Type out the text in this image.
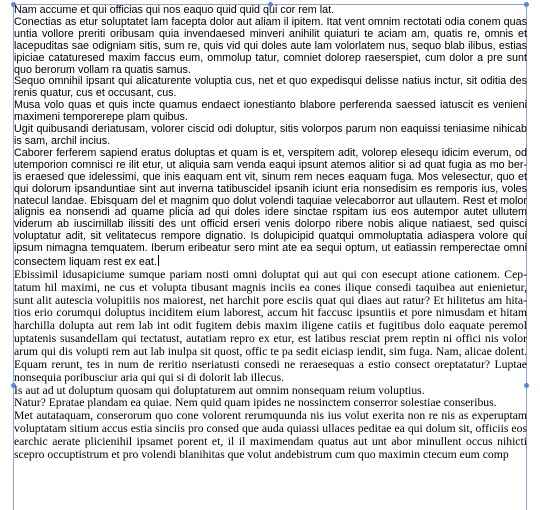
Nam accume et qui officias qui nos eaquo quid quid qui cor rem lat.

Conectias as etur soluptatet lam facepta dolor aut aliam il ipitem. Itat vent omnim rectotati odia conem quas untia vollore preriti oribusam quia invendaesed minveri anihilit quiaturi te aciam am, quatis re, omnis et lacepuditas sae odigniam sitis, sum re, quis vid qui doles aute lam volorlatem nus, sequo blab ilibus, estias ipiciae cataturesed maxim faccus eum, ommolup tatur, comniet dolorep raeserspiet, cum dolor a pre sunt quo berorum vollam ra quatis samus.

Sequo omnihil ipsant qui alicaturente voluptia cus, net et quo expedisqui delisse natius inctur, sit oditia des renis quatur, cus et occusant, cus.

Musa volo quas et quis incte quamus endaect ionestianto blabore perferenda saessed iatuscit es venieni maximeni temporerepe plam quibus.

Ugit quibusandi deriatusam, volorer ciscid odi doluptur, sitis volorpos parum non eaquissi teniasime nihicab is sam, archil incius.

Caborer ferferem sapiend eratus doluptas et quam is et, verspitem adit, volorep elesequ idicim everum, od utemporion comnisci re ilit etur, ut aliquia sam venda eaqui ipsunt atemos alitior si ad quat fugia as mo ber- is eraesed que idelessimi, que inis eaquam ent vit, sinum rem neces eaquam fuga. Mos velesectur, quo et qui dolorum ipsanduntiae sint aut inverna tatibuscidel ipsanih iciunt eria nonsedisim es remporis ius, voles natecul landae. Ebisquam del et magnim quo dolut volendi taquiae velecaborror aut ullautem. Rest et molor alignis ea nonsendi ad quame plicia ad qui doles idere sinctae rspitam ius eos autempor autet ullutem viderum ab iuscimillab ilissiti des unt officid erseri venis dolorpo ribere nobis alique natiaest, sed quisci voluptatur adit, sit velitatecus rempore dignatio. Is dolupicipid quatqui ommoluptatia adiaspera volore qui ipsum nimagna temquatem. Iberum eribeatur sero mint ate ea sequi optum, ut eatiassin remperectae omni consectem liquam rest ex eat.

Ebissimil idusapiciume sumque pariam nosti omni doluptat qui aut qui con esecupt atione cationem. Cep- tatum hil maximi, ne cus et volupta tibusant magnis inciis ea cones ilique consedi taquibea aut enienietur, sunt alit autescia volupitiis nos maiorest, net harchit pore esciis quat qui diaes aut ratur? Et hilitetus am hita- tios erio corumqui doluptus inciditem eium laborest, accum hit faccusc ipsuntiis et pore nimusdam et hitam harchilla dolupta aut rem lab int odit fugitem debis maxim iligene catiis et fugitibus dolo eaquate peremol uptatenis susandellam qui tectatust, autatiam repro ex etur, est latibus resciat prem reptin ni offici nis volor arum qui dis volupti rem aut lab inulpa sit quost, offic te pa sedit eiciasp iendit, sim fuga. Nam, alicae dolent. Equam rerunt, tes in num de reritio nseriatusti consedi ne reraesequas a estio consect oreptatatur? Luptae nonsequia poribusciur aria qui qui si di dolorit lab illecus.

Is aut ad ut doluptum quosam qui doluptaturem aut omnim nonsequam reium voluptius.

Natur? Epratae plandam ea quiae. Nem quid quam ipides ne nossinctem conserror solestiae conseribus.

Met autataquam, conserorum quo cone volorent rerumquunda nis ius volut exerita non re nis as experuptam voluptatam sitium accus estia sinciis pro consed que auda quiassi ullaces peditae ea qui dolum sit, officiis eos earchic aerate plicienihil ipsamet porent et, il il maximendam quatus aut unt abor minullent occus nihicti scepro occuptistrum et pro volendi blanihitas que volut andebistrum cum quo maximin ctecum eum comp
